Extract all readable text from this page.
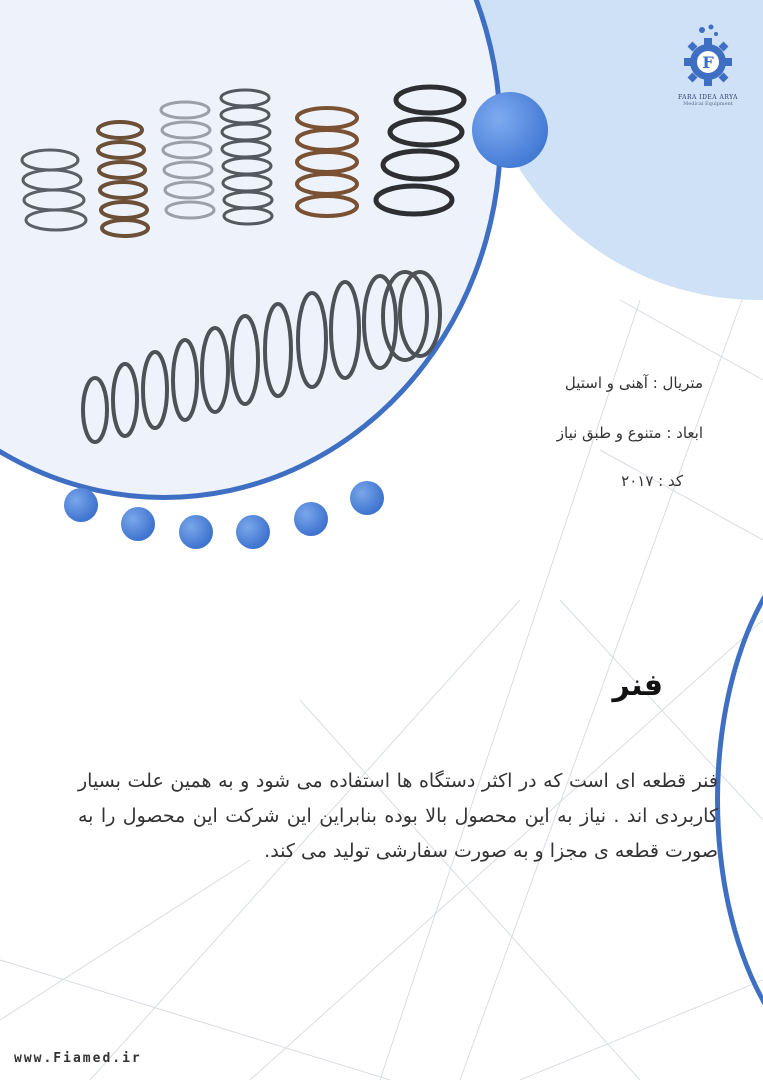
F
FARA IDEA ARYA
Medical Equipment
متریال : آهنی و استیل
ابعاد : متنوع و طبق نیاز
کد : ۲۰۱۷
فنر
فنر قطعه ای است که در اکثر دستگاه ها استفاده می شود و به همین علت بسیار کاربردی اند . نیاز به این محصول بالا بوده بنابراین این شرکت این محصول را به صورت قطعه ی مجزا و به صورت سفارشی تولید می کند.
www.Fiamed.ir
